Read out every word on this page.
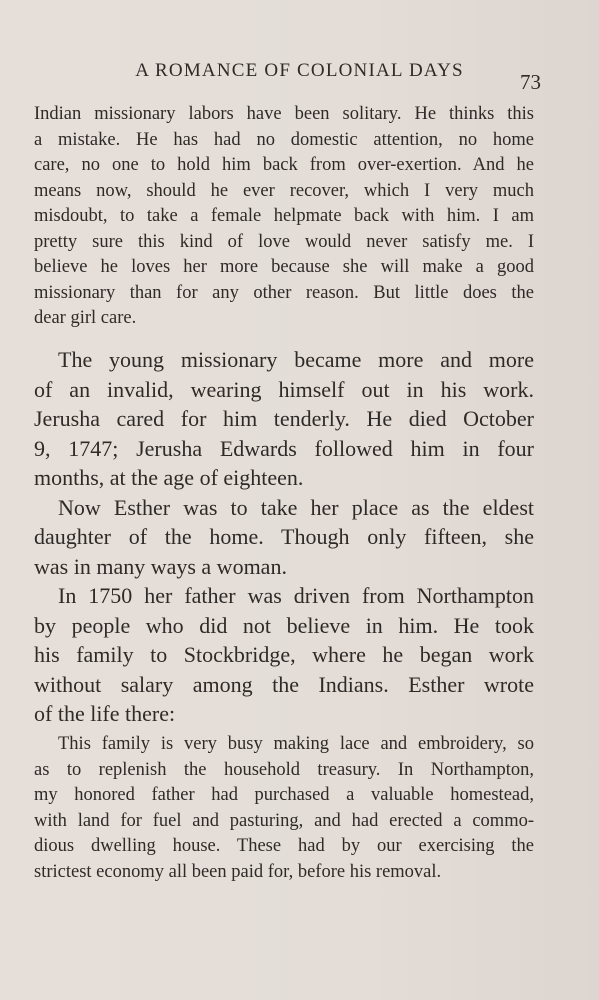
A ROMANCE OF COLONIAL DAYS	73
Indian missionary labors have been solitary. He thinks this
a mistake. He has had no domestic attention, no home
care, no one to hold him back from over-exertion. And he
means now, should he ever recover, which I very much
misdoubt, to take a female helpmate back with him. I am
pretty sure this kind of love would never satisfy me. I
believe he loves her more because she will make a good
missionary than for any other reason. But little does the
dear girl care.
The young missionary became more and more
of an invalid, wearing himself out in his work.
Jerusha cared for him tenderly. He died October
9, 1747; Jerusha Edwards followed him in four
months, at the age of eighteen.
Now Esther was to take her place as the eldest
daughter of the home. Though only fifteen, she
was in many ways a woman.
In 1750 her father was driven from Northampton
by people who did not believe in him. He took
his family to Stockbridge, where he began work
without salary among the Indians. Esther wrote
of the life there:
This family is very busy making lace and embroidery, so
as to replenish the household treasury. In Northampton,
my honored father had purchased a valuable homestead,
with land for fuel and pasturing, and had erected a commo-
dious dwelling house. These had by our exercising the
strictest economy all been paid for, before his removal.
